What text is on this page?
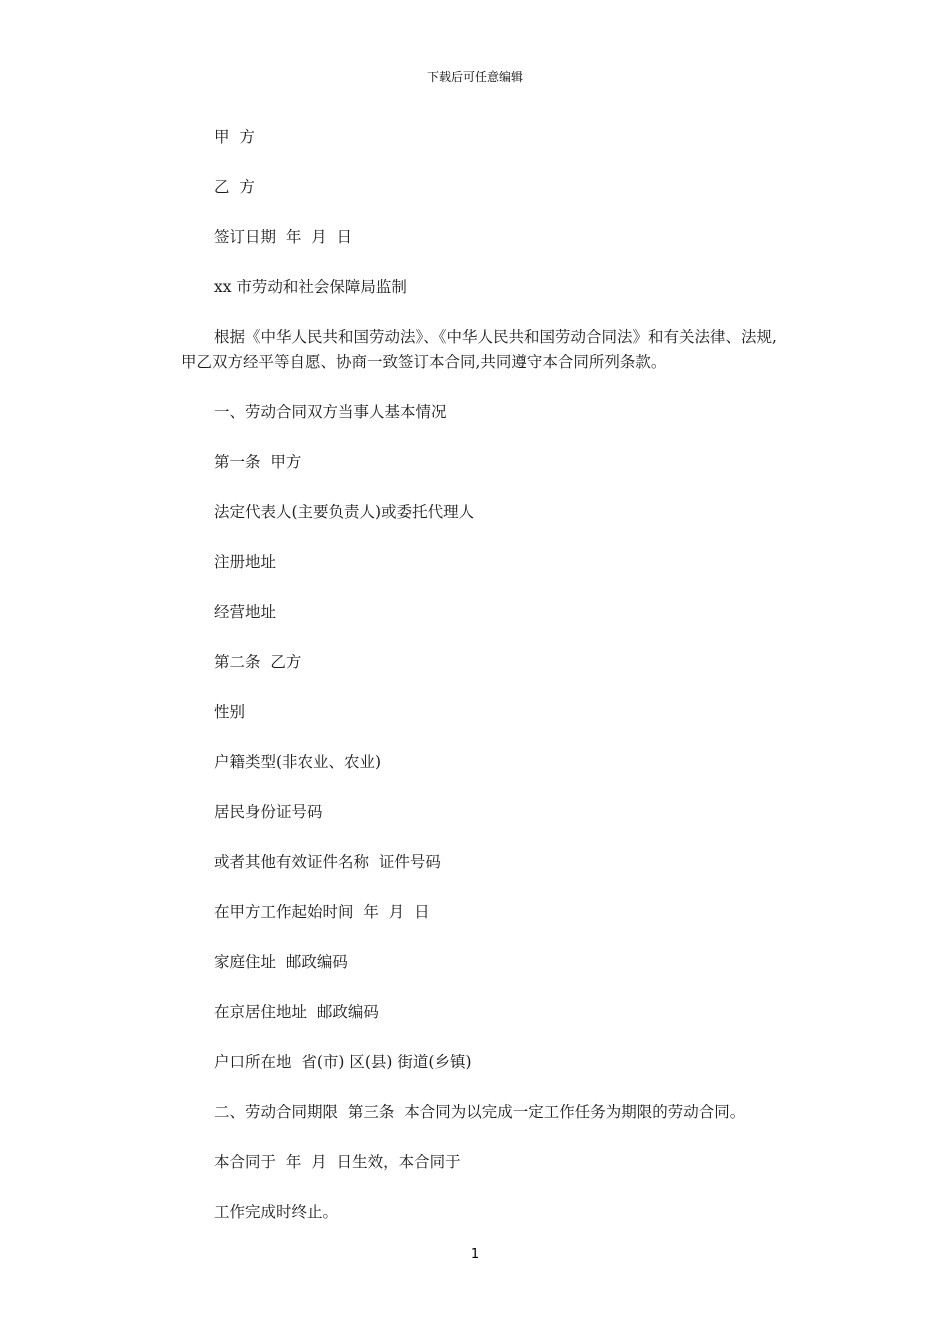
下载后可任意编辑

甲  方

乙  方

签订日期  年  月  日

xx 市劳动和社会保障局监制

根据《中华人民共和国劳动法》、《中华人民共和国劳动合同法》和有关法律、法规,甲乙双方经平等自愿、协商一致签订本合同,共同遵守本合同所列条款。

一、劳动合同双方当事人基本情况

第一条  甲方

法定代表人(主要负责人)或委托代理人

注册地址

经营地址

第二条  乙方

性别

户籍类型(非农业、农业)

居民身份证号码

或者其他有效证件名称  证件号码

在甲方工作起始时间  年  月  日

家庭住址  邮政编码

在京居住地址  邮政编码

户口所在地  省(市) 区(县) 街道(乡镇)

二、劳动合同期限  第三条  本合同为以完成一定工作任务为期限的劳动合同。

本合同于  年  月  日生效，本合同于

工作完成时终止。

1
